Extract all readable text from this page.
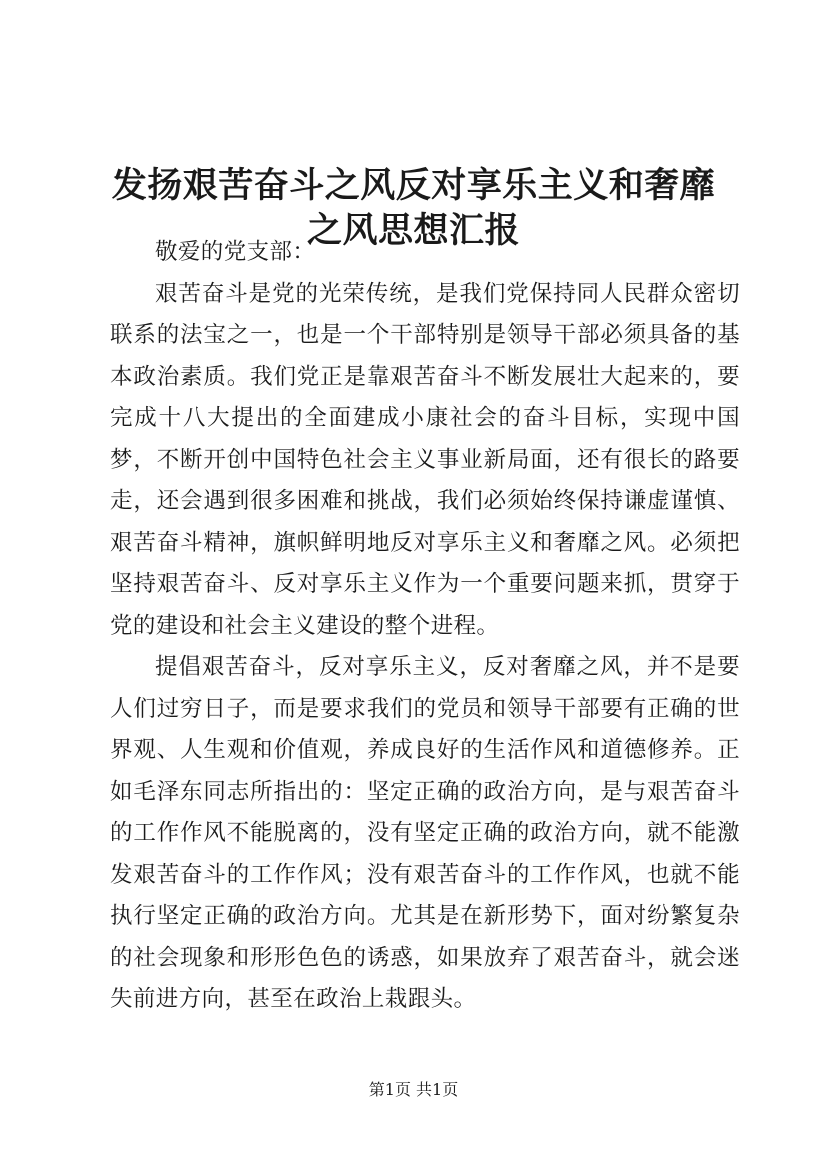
发扬艰苦奋斗之风反对享乐主义和奢靡之风思想汇报

敬爱的党支部：

艰苦奋斗是党的光荣传统，是我们党保持同人民群众密切联系的法宝之一，也是一个干部特别是领导干部必须具备的基本政治素质。我们党正是靠艰苦奋斗不断发展壮大起来的，要完成十八大提出的全面建成小康社会的奋斗目标，实现中国梦，不断开创中国特色社会主义事业新局面，还有很长的路要走，还会遇到很多困难和挑战，我们必须始终保持谦虚谨慎、艰苦奋斗精神，旗帜鲜明地反对享乐主义和奢靡之风。必须把坚持艰苦奋斗、反对享乐主义作为一个重要问题来抓，贯穿于党的建设和社会主义建设的整个进程。

提倡艰苦奋斗，反对享乐主义，反对奢靡之风，并不是要人们过穷日子，而是要求我们的党员和领导干部要有正确的世界观、人生观和价值观，养成良好的生活作风和道德修养。正如毛泽东同志所指出的：坚定正确的政治方向，是与艰苦奋斗的工作作风不能脱离的，没有坚定正确的政治方向，就不能激发艰苦奋斗的工作作风；没有艰苦奋斗的工作作风，也就不能执行坚定正确的政治方向。尤其是在新形势下，面对纷繁复杂的社会现象和形形色色的诱惑，如果放弃了艰苦奋斗，就会迷失前进方向，甚至在政治上栽跟头。

第1页 共1页
